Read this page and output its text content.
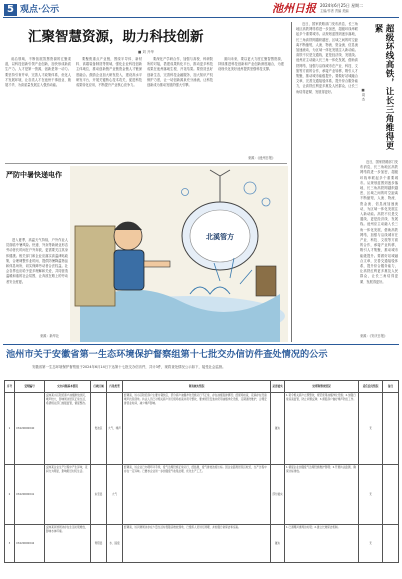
5 观点·公示	池州日报 2024年6月25日 星期二
主编/作者 责编 美编
汇聚智慧资源，助力科技创新
■ 刘 开华

前沿领域，不断拓展智慧资源的汇聚渠道，以科技创新引领产业创新，加快形成新质生产力。人才是第一资源，创新是第一动力。要坚持引育并举，完善人才政策体系，优化人才发展环境，让各类人才在池州干事创业、施展才华，为高质量发展注入强劲动能。

要聚焦重点产业链，围绕半导体、新材料、高端装备制造等领域，强化企业科技创新主体地位，推动创新链产业链资金链人才链深度融合。鼓励企业加大研发投入，建设高水平研发平台，开展关键核心技术攻关，促进科技成果转化应用，不断提升产业核心竞争力。

要深化产学研合作，加强与高校、科研院所的对接，搭建成果转化平台，推动更多科技成果在池州落地生根、开花结果。要营造良好创新生态，完善科技金融服务，加大知识产权保护力度，让一切创新源泉充分涌流，让科技创新成为推动发展的强大引擎。

面向未来，要以更大力度汇聚智慧资源，持续推进科技创新和产业创新深度融合，为建设现代化美好池州提供坚强科技支撑。

来源：《池州日报》
超级环线高铁，让长三角维得更紧
■ 周 杰

近日，国家铁路部门发布消息，长三角地区高铁网络将进一步加密，超级环线串联起多个重要城市。从规划蓝图到逐步落地，长三角高铁网越织越密，区域之间的时空距离不断缩短，人流、物流、资金流、信息流加速流动，为区域一体化发展注入新动能。高铁不仅是交通线，更是经济线、发展线。池州应主动融入长三角一体化发展，借助高铁网络，加强与沿线城市在产业、科技、文旅等方面的合作，承接产业转移，吸引人才集聚，推动城市能级提升。要做好站城融合文章，完善交通接驳体系，提升综合服务能力，让高铁红利更多惠及人民群众，让长三角结得更紧、发展得更好。

近日，国家铁路部门发布消息，长三角地区高铁网络将进一步加密，超级环线串联起多个重要城市。从规划蓝图到逐步落地，长三角高铁网越织越密，区域之间的时空距离不断缩短，人流、物流、资金流、信息流加速流动，为区域一体化发展注入新动能。高铁不仅是交通线，更是经济线、发展线。池州应主动融入长三角一体化发展，借助高铁网络，加强与沿线城市在产业、科技、文旅等方面的合作，承接产业转移，吸引人才集聚，推动城市能级提升。要做好站城融合文章，完善交通接驳体系，提升综合服务能力，让高铁红利更多惠及人民群众，让长三角结得更紧、发展得更好。

来源：《安庆日报》
严防中暑快递电作

进入夏季，高温天气持续，户外作业人员面临中暑风险。快递、外卖等新就业形态劳动者长时间在户外奔波，更需要关注其身体健康。相关部门和企业应落实高温津贴政策，合理调整作业时间，提供防暑降温物品和休息场所，切实保障劳动者合法权益。社会各界也应给予更多理解和关爱，共同营造温暖和谐的社会氛围，让奔波在路上的劳动者安全度夏。

来源：新华社
北溪管方
池州市关于安徽省第一生态环境保护督察组第十七批交办信访件查处情况的公示
安徽省第一生态环境保护督察组于2024年6月14日下达第十七批交办信访件，共计3件，现将查处情况公示如下，接受社会监督。
序号	受理编号	交办问题基本情况	行政区域	污染类型	调查核实情况	是否属实	处理和整改情况	责任追究情况	备注
1	X3420000040	反映某小区附近商户油烟排放扰民，噪声较大，影响周边居民正常生活，希望相关部门加强监管，督促整改。	贵池区	大气、噪声	经调查，该小区附近商户主要为餐饮店，部分商户油烟净化设施运行不正常，存在油烟直排情况；经现场检查，夜间存在设备噪声扰民现象。执法人员已对相关商户进行现场检查并责令整改，要求规范安装并使用油烟净化设施，定期清洗维护，合理安排营业时间，减少噪声影响。	属实	1.责令相关商户立即整改，规范使用油烟净化设施；2.加强日常巡查监管，防止问题反弹；3.督促商户做好噪声防治工作。	无	
2	X3420000041	反映某企业生产过程中产生异味，夜间尤为明显，影响附近村民生活。	东至县	大气	经调查，该企业已办理环评手续，废气治理设施正常运行，经监测，废气排放浓度达标。因企业距离居民区较近，生产过程中存在一定异味。已要求企业进一步加强废气收集处理，优化生产工艺。	部分属实	1.督促企业加强废气治理设施维护管理；2.开展执法监测，确保达标排放。	无	
3	X3420000042	反映某河道周边存在生活垃圾堆放，影响水体环境。	青阳县	水、固废	经调查，该河道周边存在少量生活垃圾随意堆放现象，已组织人员进行清理，并加强日常保洁和巡查。	属实	1.已清理河道周边垃圾；2.建立长效保洁机制。	无	
